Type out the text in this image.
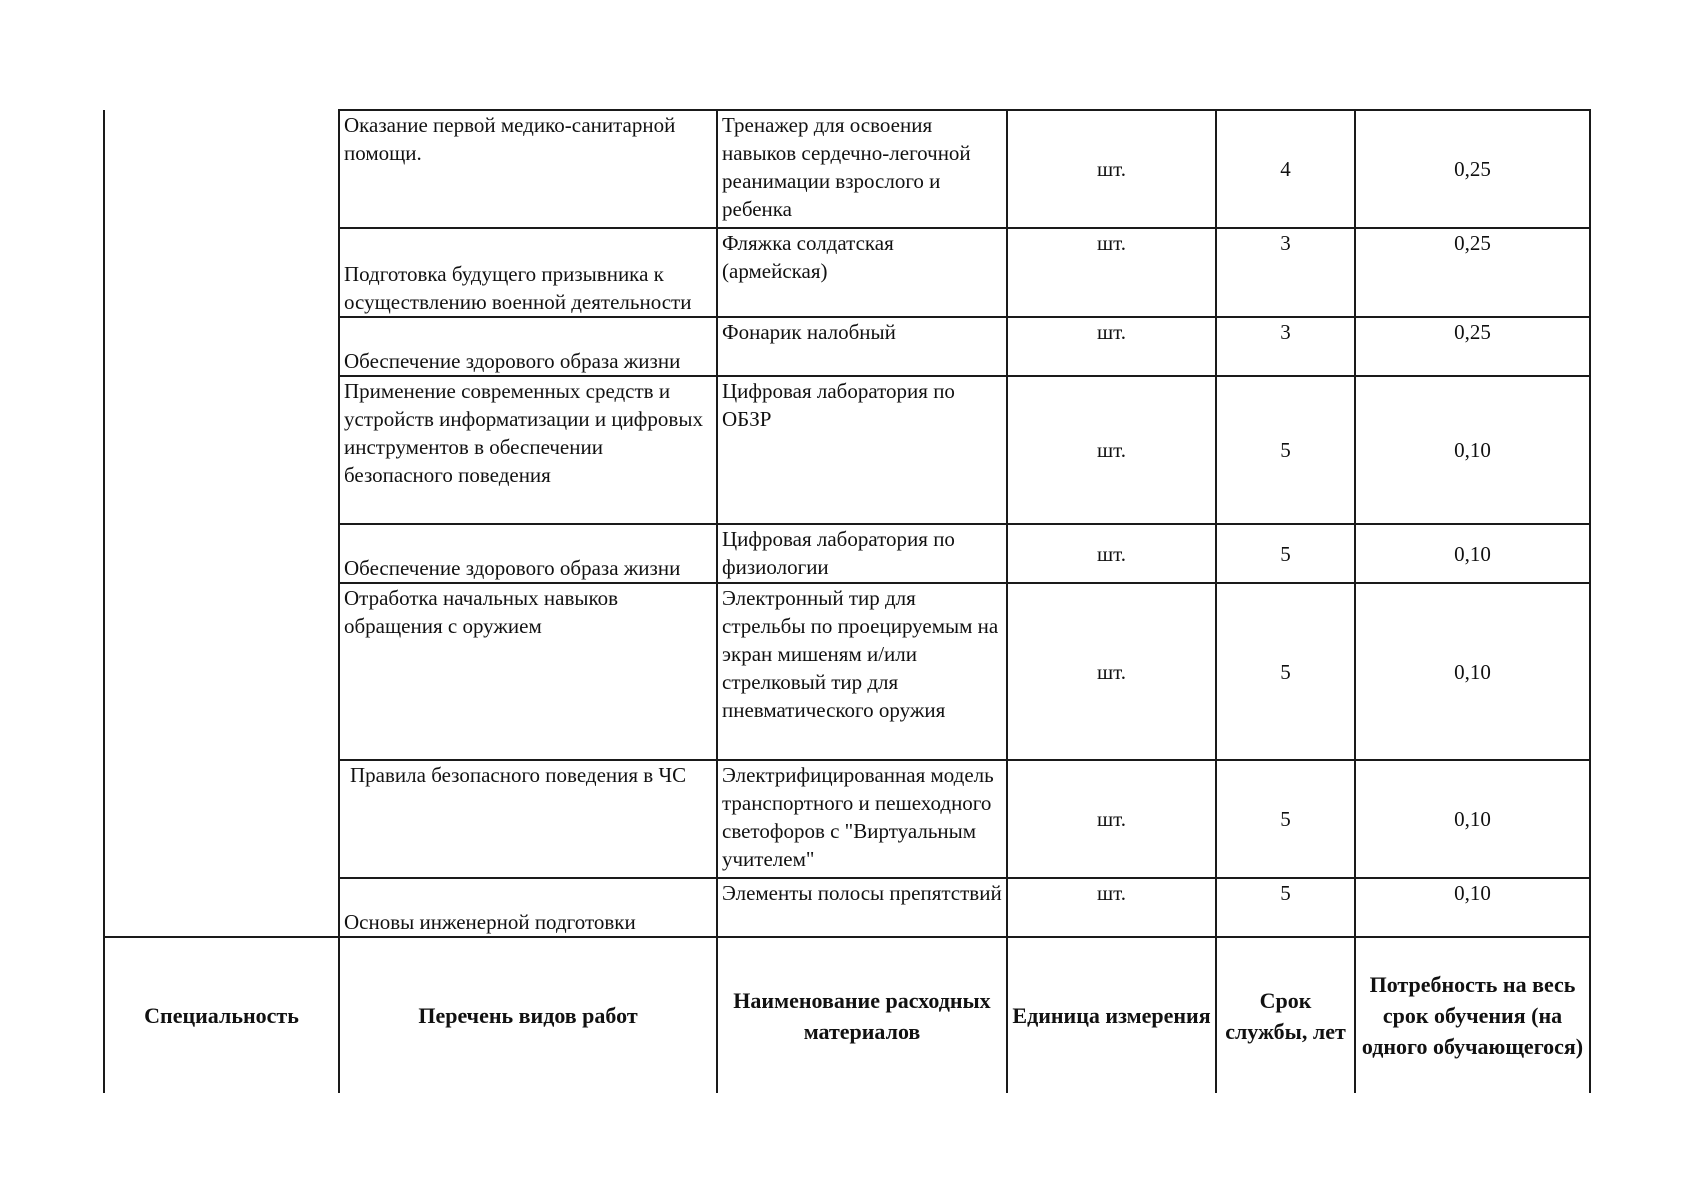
	Оказание первой медико-санитарной помощи.	Тренажер для освоения навыков сердечно-легочной реанимации взрослого и ребенка	шт.	4	0,25
	Подготовка будущего призывника к осуществлению военной деятельности	Фляжка солдатская (армейская)	шт.	3	0,25
	Обеспечение здорового образа жизни	Фонарик налобный	шт.	3	0,25
	Применение современных средств и устройств информатизации и цифровых инструментов в обеспечении безопасного поведения	Цифровая лаборатория по ОБЗР	шт.	5	0,10
	Обеспечение здорового образа жизни	Цифровая лаборатория по физиологии	шт.	5	0,10
	Отработка начальных навыков обращения с оружием	Электронный тир для стрельбы по проецируемым на экран мишеням и/или стрелковый тир для пневматического оружия	шт.	5	0,10
	Правила безопасного поведения в ЧС	Электрифицированная модель транспортного и пешеходного светофоров с "Виртуальным учителем"	шт.	5	0,10
	Основы инженерной подготовки	Элементы полосы препятствий	шт.	5	0,10
Специальность	Перечень видов работ	Наименование расходных материалов	Единица измерения	Срок службы, лет	Потребность на весь срок обучения (на одного обучающегося)
